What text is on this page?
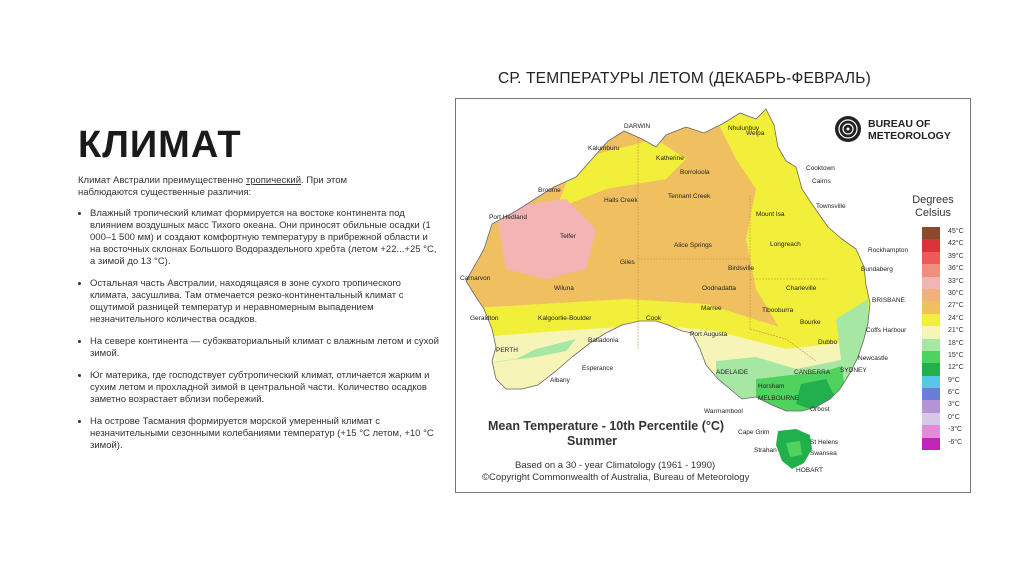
КЛИМАТ
Климат Австралии преимущественно тропический. При этом наблюдаются существенные различия:
• Влажный тропический климат формируется на востоке континента под влиянием воздушных масс Тихого океана. Они приносят обильные осадки (1 000–1 500 мм) и создают комфортную температуру в прибрежной области и на восточных склонах Большого Водораздельного хребта (летом +22...+25 °C, а зимой до 13 °C).
• Остальная часть Австралии, находящаяся в зоне сухого тропического климата, засушлива. Там отмечается резко-континентальный климат с ощутимой разницей температур и неравномерным выпадением незначительного количества осадков.
• На севере континента — субэкваториальный климат с влажным летом и сухой зимой.
• Юг материка, где господствует субтропический климат, отличается жарким и сухим летом и прохладной зимой в центральной части. Количество осадков заметно возрастает вблизи побережий.
• На острове Тасмания формируется морской умеренный климат с незначительными сезонными колебаниями температур (+15 °C летом, +10 °C зимой).
СР. ТЕМПЕРАТУРЫ ЛЕТОМ (ДЕКАБРЬ-ФЕВРАЛЬ)
BUREAU OF
METEOROLOGY
Degrees
Celsius
45°C
42°C
39°C
36°C
33°C
30°C
27°C
24°C
21°C
18°C
15°C
12°C
9°C
6°C
3°C
0°C
-3°C
-6°C
DARWIN	Nhulunbuy
Weipa
Kalumburu
Katherine
Borroloola
Cooktown
Cairns
Broome
Halls Creek
Tennant Creek
Townsville
Port Hedland	Mount Isa
Telfer
Alice Springs	Longreach
Rockhampton
Giles
Birdsville	Bundaberg
Carnarvon
Wiluna	Oodnadatta	Charleville
BRISBANE
Marree	Tibooburra
Geraldton	Kalgoorlie-Boulder	Cook
Coffs Harbour
Port Augusta
Bourke
PERTH
Balladonia	Dubbo
Newcastle
Esperance	SYDNEY
ADELAIDE	CANBERRA
Albany
Horsham
MELBOURNE
Warrnambool	Orbost
Cape Grim
St Helens
Strahan	Swansea
HOBART
Mean Temperature - 10th Percentile (°C)
Summer
Based on a 30 - year Climatology (1961 - 1990)
©Copyright Commonwealth of Australia, Bureau of Meteorology
